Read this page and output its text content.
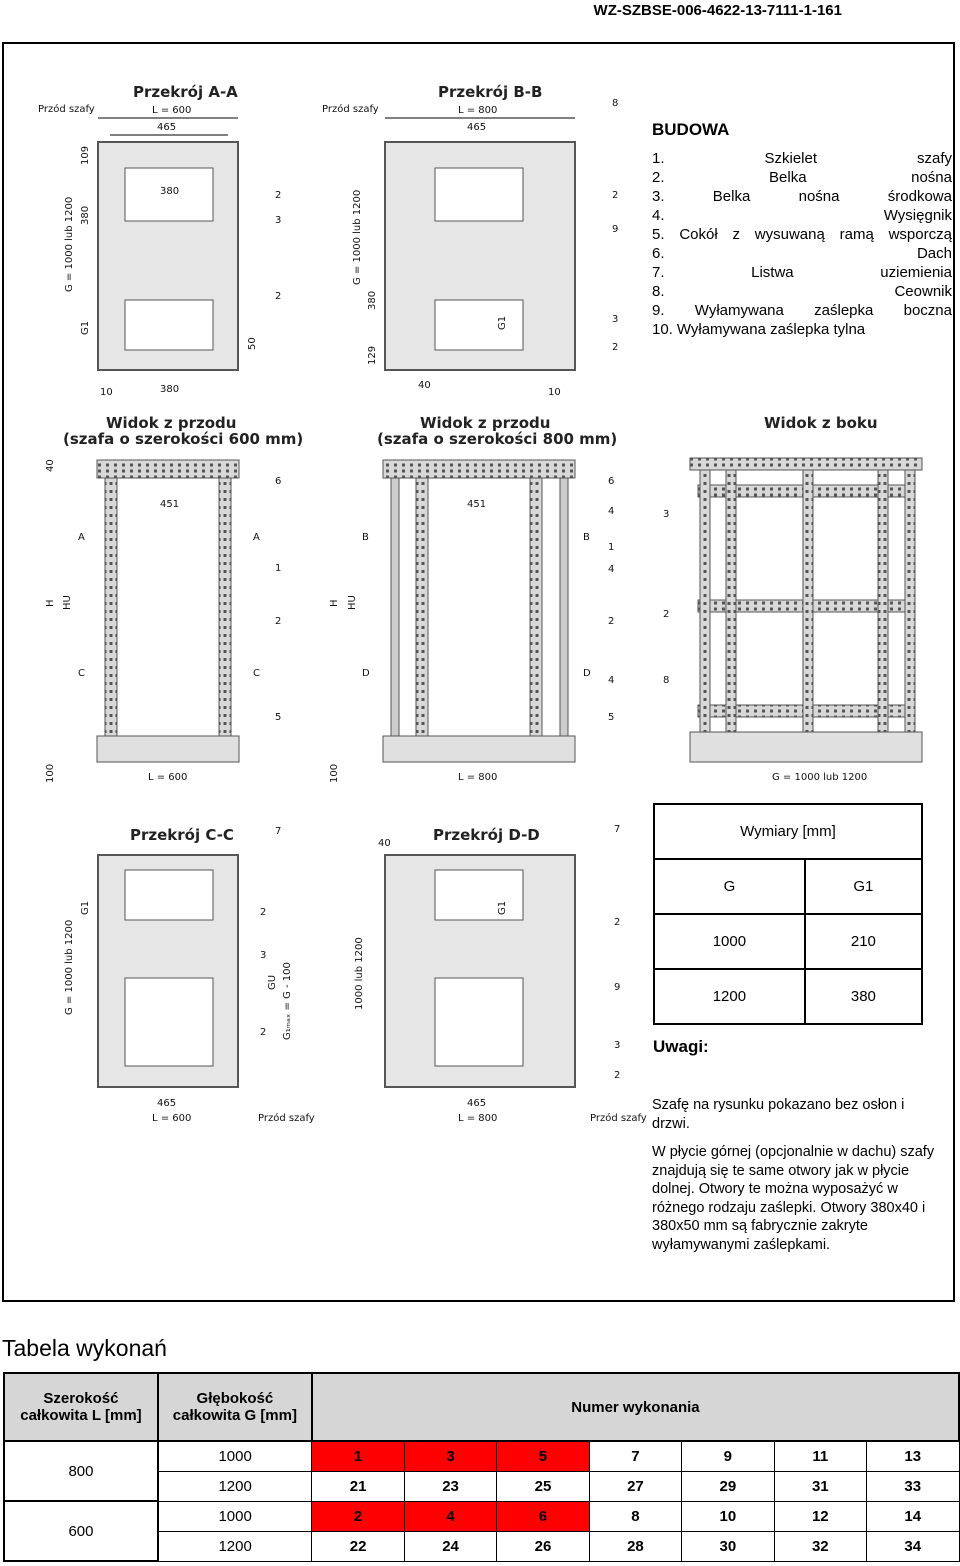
WZ-SZBSE-006-4622-13-7111-1-161
Przekrój A-A
Przód szafy	L = 600
465
380
380
10
G = 1000 lub 1200
G1
380
109
50
2
3
2
Przekrój B-B
Przód szafy	L = 800
465
G = 1000 lub 1200
380
G1
129
40
10
8
2
9
3
2
Widok z przodu
(szafa o szerokości 600 mm)
451
A	A
C	C
H HU
40
100	L = 600
6
1
2
5
Widok z przodu
(szafa o szerokości 800 mm)
451
B	B
D	D
H HU
100	L = 800
6
4
1
4
2
4
5
Widok z boku
G = 1000 lub 1200
3
2
8
Przekrój C-C
G = 1000 lub 1200
G1
GU G₁ₘₐₓ = G - 100
465
L = 600	Przód szafy
7
2
3
2
Przekrój D-D
40
1000 lub 1200
G1
465
L = 800	Przód szafy
7
2
9
3
2
BUDOWA
1.	Szkielet	szafy
2.	Belka	nośna
3.	Belka	nośna	środkowa
4.	Wysięgnik
5. Cokół z wysuwaną ramą wsporczą
6.	Dach
7.	Listwa	uziemienia
8.	Ceownik
9. Wyłamywana zaślepka boczna
10. Wyłamywana zaślepka tylna
Wymiary [mm]	
G	G1
1000	210
1200	380
Uwagi:

Szafę na rysunku pokazano bez osłon i drzwi.

W płycie górnej (opcjonalnie w dachu) szafy znajdują się te same otwory jak w płycie dolnej. Otwory te można wyposażyć w różnego rodzaju zaślepki. Otwory 380x40 i 380x50 mm są fabrycznie zakryte wyłamywanymi zaślepkami.

Tabela wykonań
Szerokość całkowita L [mm]	Głębokość całkowita G [mm]	Numer wykonania						
800	1000	1	3	5	7	9	11	13
	1200	21	23	25	27	29	31	33
600	1000	2	4	6	8	10	12	14
	1200	22	24	26	28	30	32	34
